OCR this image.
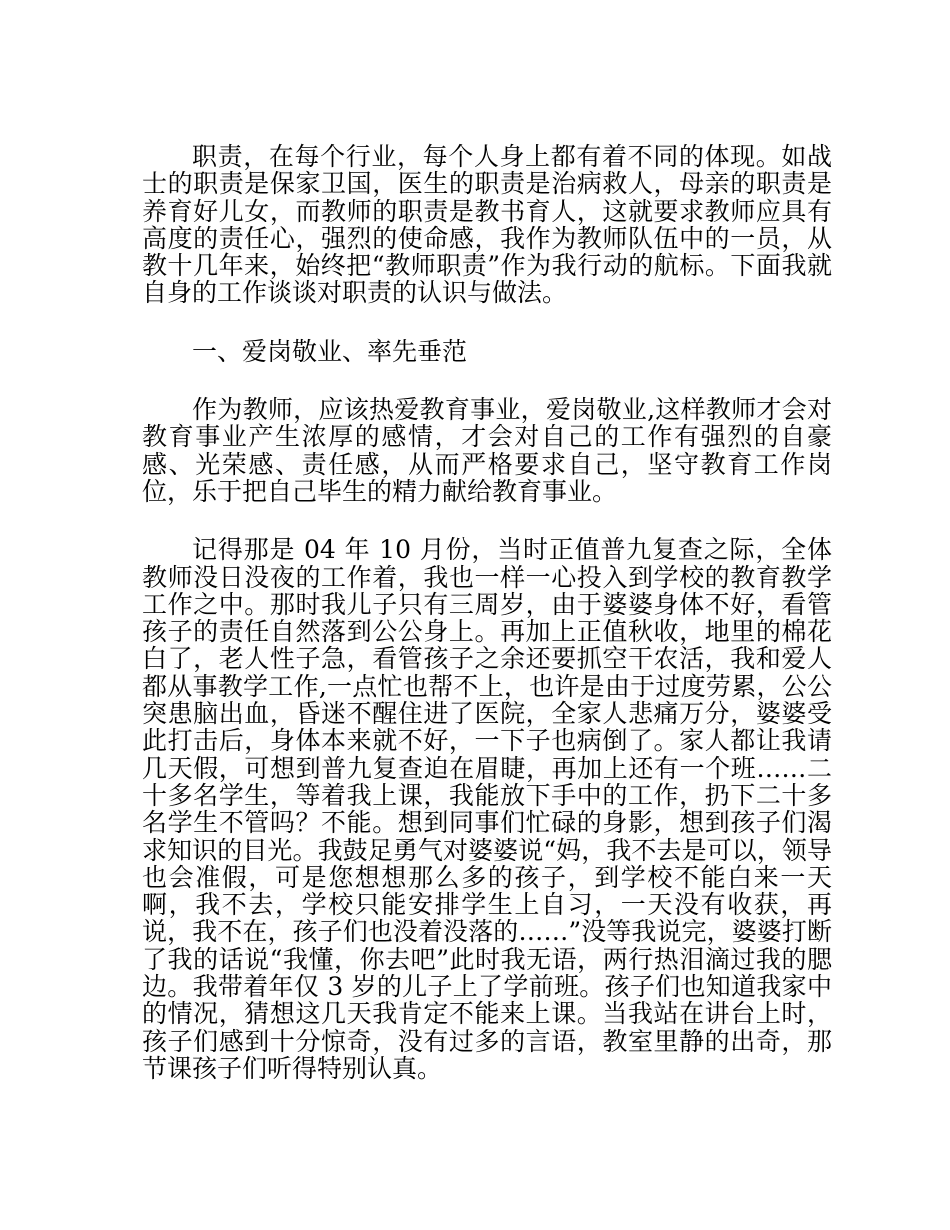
职责，在每个行业，每个人身上都有着不同的体现。如战士的职责是保家卫国，医生的职责是治病救人，母亲的职责是养育好儿女，而教师的职责是教书育人，这就要求教师应具有高度的责任心，强烈的使命感，我作为教师队伍中的一员，从教十几年来，始终把“教师职责”作为我行动的航标。下面我就自身的工作谈谈对职责的认识与做法。

一、爱岗敬业、率先垂范

作为教师，应该热爱教育事业，爱岗敬业,这样教师才会对教育事业产生浓厚的感情，才会对自己的工作有强烈的自豪感、光荣感、责任感，从而严格要求自己，坚守教育工作岗位，乐于把自己毕生的精力献给教育事业。

记得那是 04 年 10 月份，当时正值普九复查之际，全体教师没日没夜的工作着，我也一样一心投入到学校的教育教学工作之中。那时我儿子只有三周岁，由于婆婆身体不好，看管孩子的责任自然落到公公身上。再加上正值秋收，地里的棉花白了，老人性子急，看管孩子之余还要抓空干农活，我和爱人都从事教学工作,一点忙也帮不上，也许是由于过度劳累，公公突患脑出血，昏迷不醒住进了医院，全家人悲痛万分，婆婆受此打击后，身体本来就不好，一下子也病倒了。家人都让我请几天假，可想到普九复查迫在眉睫，再加上还有一个班……二十多名学生，等着我上课，我能放下手中的工作，扔下二十多名学生不管吗？不能。想到同事们忙碌的身影，想到孩子们渴求知识的目光。我鼓足勇气对婆婆说“妈，我不去是可以，领导也会准假，可是您想想那么多的孩子，到学校不能白来一天啊，我不去，学校只能安排学生上自习，一天没有收获，再说，我不在，孩子们也没着没落的……”没等我说完，婆婆打断了我的话说“我懂，你去吧”此时我无语，两行热泪滴过我的腮边。我带着年仅 3 岁的儿子上了学前班。孩子们也知道我家中的情况，猜想这几天我肯定不能来上课。当我站在讲台上时，孩子们感到十分惊奇，没有过多的言语，教室里静的出奇，那节课孩子们听得特别认真。
